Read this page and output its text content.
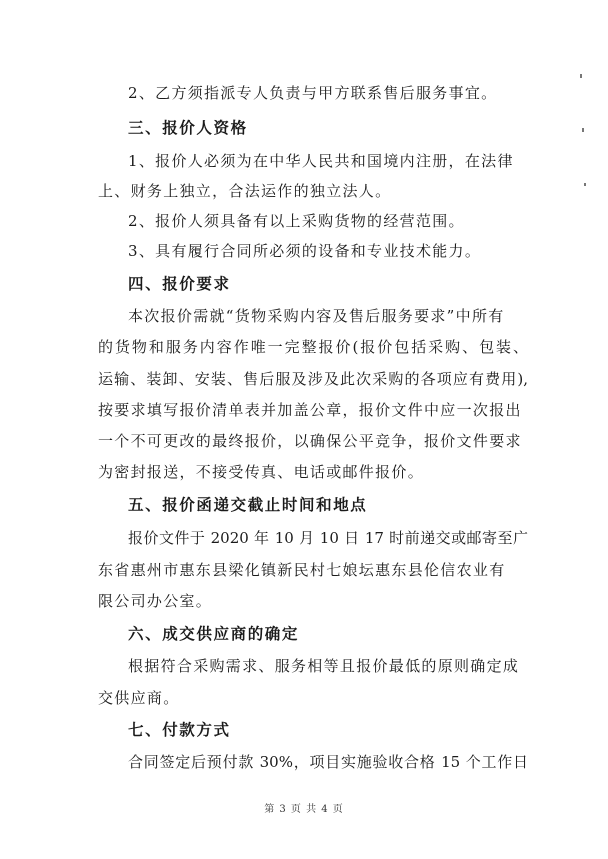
2、乙方须指派专人负责与甲方联系售后服务事宜。
三、报价人资格
1、报价人必须为在中华人民共和国境内注册，在法律
上、财务上独立，合法运作的独立法人。
2、报价人须具备有以上采购货物的经营范围。
3、具有履行合同所必须的设备和专业技术能力。
四、报价要求
本次报价需就“货物采购内容及售后服务要求”中所有
的货物和服务内容作唯一完整报价(报价包括采购、包装、
运输、装卸、安装、售后服及涉及此次采购的各项应有费用),
按要求填写报价清单表并加盖公章，报价文件中应一次报出
一个不可更改的最终报价，以确保公平竞争，报价文件要求
为密封报送，不接受传真、电话或邮件报价。
五、报价函递交截止时间和地点
报价文件于 2020 年 10 月 10 日 17 时前递交或邮寄至广
东省惠州市惠东县梁化镇新民村七娘坛惠东县伦信农业有
限公司办公室。
六、成交供应商的确定
根据符合采购需求、服务相等且报价最低的原则确定成
交供应商。
七、付款方式
合同签定后预付款 30%，项目实施验收合格 15 个工作日
第 3 页 共 4 页
